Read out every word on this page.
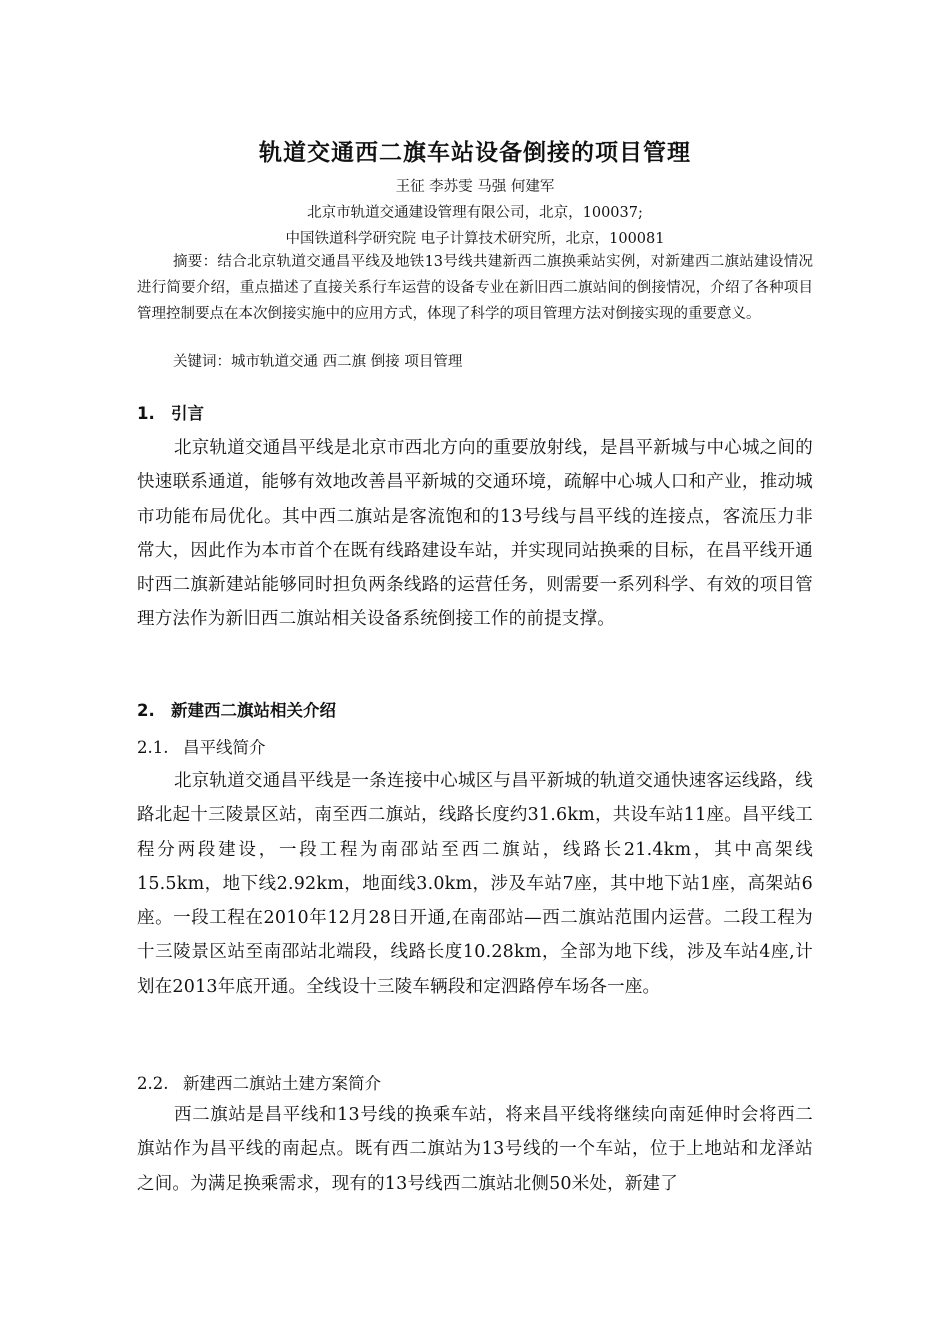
轨道交通西二旗车站设备倒接的项目管理
王征 李苏雯 马强 何建军
北京市轨道交通建设管理有限公司，北京，100037;
中国铁道科学研究院 电子计算技术研究所，北京，100081

摘要：结合北京轨道交通昌平线及地铁13号线共建新西二旗换乘站实例，对新建西二旗站建设情况进行简要介绍，重点描述了直接关系行车运营的设备专业在新旧西二旗站间的倒接情况，介绍了各种项目管理控制要点在本次倒接实施中的应用方式，体现了科学的项目管理方法对倒接实现的重要意义。

关键词：城市轨道交通 西二旗 倒接 项目管理

1. 引言

北京轨道交通昌平线是北京市西北方向的重要放射线，是昌平新城与中心城之间的快速联系通道，能够有效地改善昌平新城的交通环境，疏解中心城人口和产业，推动城市功能布局优化。其中西二旗站是客流饱和的13号线与昌平线的连接点，客流压力非常大，因此作为本市首个在既有线路建设车站，并实现同站换乘的目标，在昌平线开通时西二旗新建站能够同时担负两条线路的运营任务，则需要一系列科学、有效的项目管理方法作为新旧西二旗站相关设备系统倒接工作的前提支撑。

2. 新建西二旗站相关介绍
2.1. 昌平线简介

北京轨道交通昌平线是一条连接中心城区与昌平新城的轨道交通快速客运线路，线路北起十三陵景区站，南至西二旗站，线路长度约31.6km，共设车站11座。昌平线工程分两段建设，一段工程为南邵站至西二旗站，线路长21.4km，其中高架线15.5km，地下线2.92km，地面线3.0km，涉及车站7座，其中地下站1座，高架站6座。一段工程在2010年12月28日开通,在南邵站—西二旗站范围内运营。二段工程为十三陵景区站至南邵站北端段，线路长度10.28km，全部为地下线，涉及车站4座,计划在2013年底开通。全线设十三陵车辆段和定泗路停车场各一座。

2.2. 新建西二旗站土建方案简介

西二旗站是昌平线和13号线的换乘车站，将来昌平线将继续向南延伸时会将西二旗站作为昌平线的南起点。既有西二旗站为13号线的一个车站，位于上地站和龙泽站之间。为满足换乘需求，现有的13号线西二旗站北侧50米处，新建了
